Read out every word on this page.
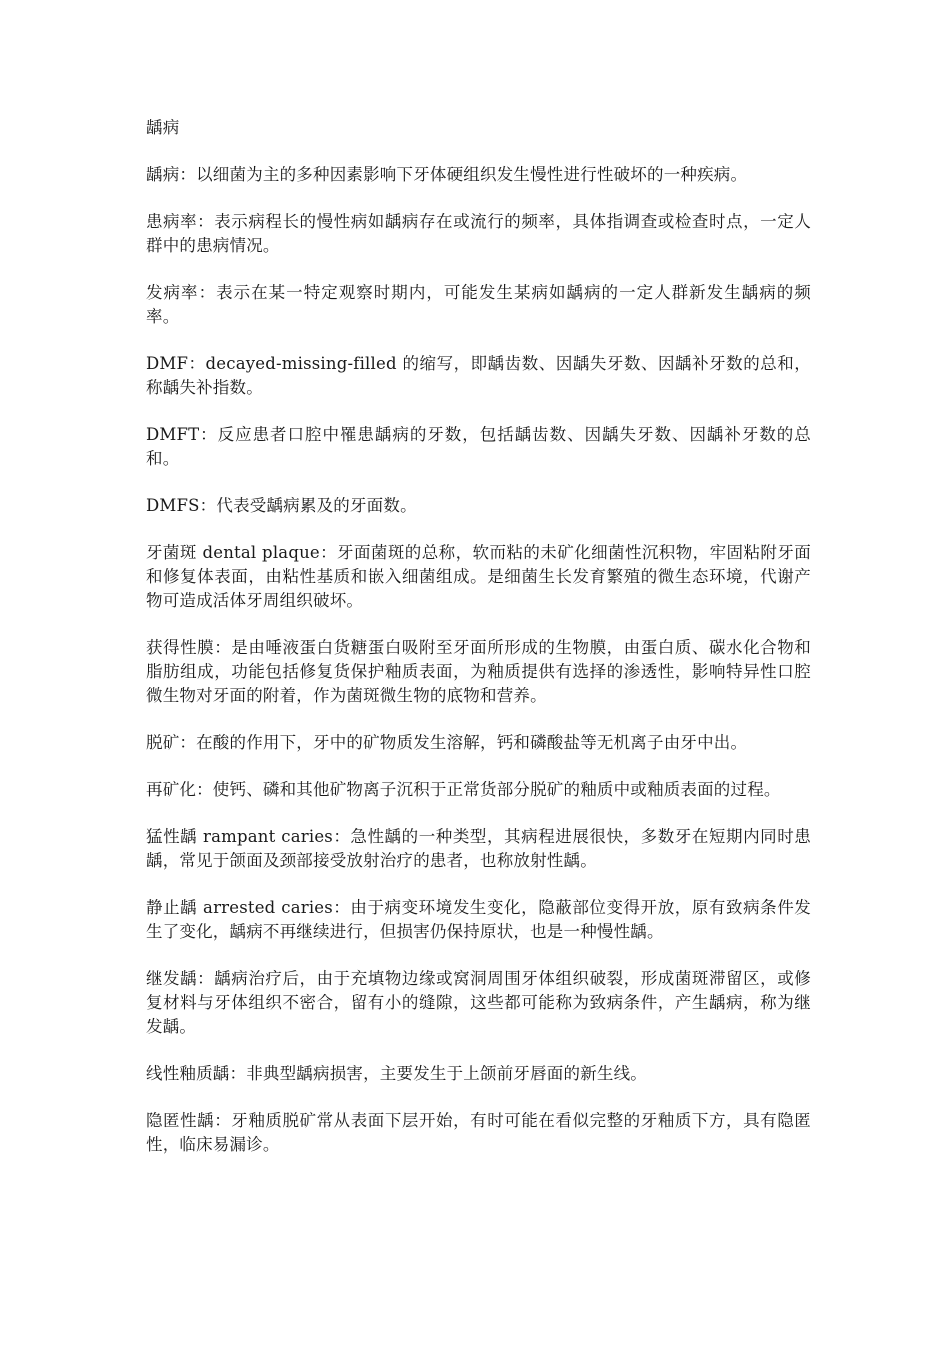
龋病

龋病：以细菌为主的多种因素影响下牙体硬组织发生慢性进行性破坏的一种疾病。

患病率：表示病程长的慢性病如龋病存在或流行的频率，具体指调查或检查时点，一定人群中的患病情况。

发病率：表示在某一特定观察时期内，可能发生某病如龋病的一定人群新发生龋病的频率。

DMF：decayed-missing-filled 的缩写，即龋齿数、因龋失牙数、因龋补牙数的总和，称龋失补指数。

DMFT：反应患者口腔中罹患龋病的牙数，包括龋齿数、因龋失牙数、因龋补牙数的总和。

DMFS：代表受龋病累及的牙面数。

牙菌斑 dental plaque：牙面菌斑的总称，软而粘的未矿化细菌性沉积物，牢固粘附牙面和修复体表面，由粘性基质和嵌入细菌组成。是细菌生长发育繁殖的微生态环境，代谢产物可造成活体牙周组织破坏。

获得性膜：是由唾液蛋白货糖蛋白吸附至牙面所形成的生物膜，由蛋白质、碳水化合物和脂肪组成，功能包括修复货保护釉质表面，为釉质提供有选择的渗透性，影响特异性口腔微生物对牙面的附着，作为菌斑微生物的底物和营养。

脱矿：在酸的作用下，牙中的矿物质发生溶解，钙和磷酸盐等无机离子由牙中出。

再矿化：使钙、磷和其他矿物离子沉积于正常货部分脱矿的釉质中或釉质表面的过程。

猛性龋 rampant caries：急性龋的一种类型，其病程进展很快，多数牙在短期内同时患龋，常见于颌面及颈部接受放射治疗的患者，也称放射性龋。

静止龋 arrested caries：由于病变环境发生变化，隐蔽部位变得开放，原有致病条件发生了变化，龋病不再继续进行，但损害仍保持原状，也是一种慢性龋。

继发龋：龋病治疗后，由于充填物边缘或窝洞周围牙体组织破裂，形成菌斑滞留区，或修复材料与牙体组织不密合，留有小的缝隙，这些都可能称为致病条件，产生龋病，称为继发龋。

线性釉质龋：非典型龋病损害，主要发生于上颌前牙唇面的新生线。

隐匿性龋：牙釉质脱矿常从表面下层开始，有时可能在看似完整的牙釉质下方，具有隐匿性，临床易漏诊。
